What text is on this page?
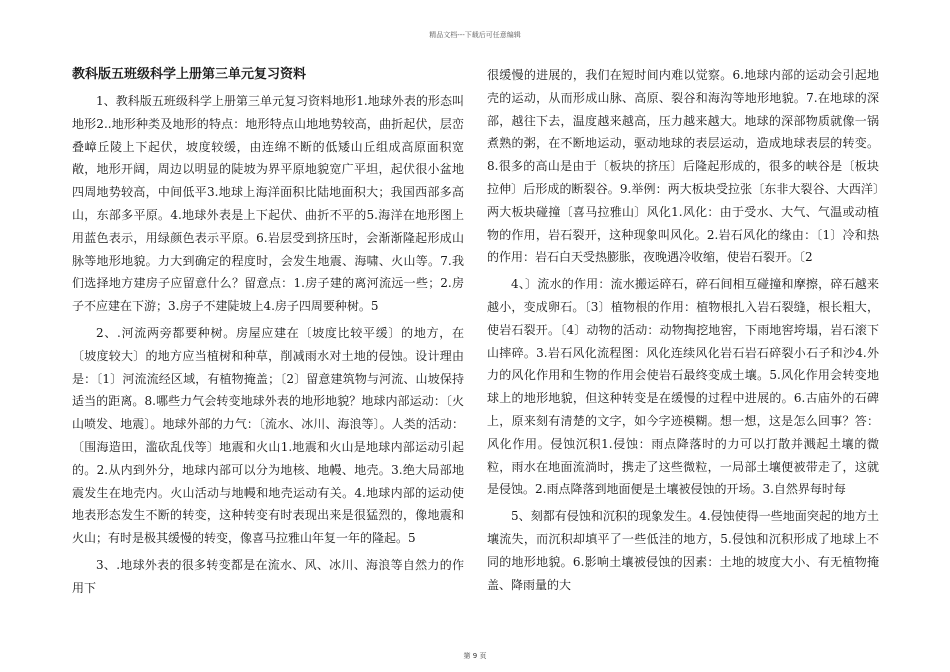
精品文档---下载后可任意编辑
教科版五班级科学上册第三单元复习资料

1、教科版五班级科学上册第三单元复习资料地形1.地球外表的形态叫地形2..地形种类及地形的特点：地形特点山地地势较高，曲折起伏，层峦叠嶂丘陵上下起伏，坡度较缓，由连绵不断的低矮山丘组成高原面积宽敞，地形开阔，周边以明显的陡坡为界平原地貌宽广平坦，起伏很小盆地四周地势较高，中间低平3.地球上海洋面积比陆地面积大；我国西部多高山，东部多平原。4.地球外表是上下起伏、曲折不平的5.海洋在地形图上用蓝色表示，用绿颜色表示平原。6.岩层受到挤压时，会渐渐隆起形成山脉等地形地貌。力大到确定的程度时，会发生地震、海啸、火山等。7.我们选择地方建房子应留意什么？留意点：1.房子建的离河流远一些；2.房子不应建在下游；3.房子不建陡坡上4.房子四周要种树。5

2、.河流两旁都要种树。房屋应建在〔坡度比较平缓〕的地方，在〔坡度较大〕的地方应当植树和种草，削减雨水对土地的侵蚀。设计理由是：〔1〕河流流经区域，有植物掩盖；〔2〕留意建筑物与河流、山坡保持适当的距离。8.哪些力气会转变地球外表的地形地貌？地球内部运动：〔火山喷发、地震〕。地球外部的力气：〔流水、冰川、海浪等〕。人类的活动：〔围海造田，滥砍乱伐等〕地震和火山1.地震和火山是地球内部运动引起的。2.从内到外分，地球内部可以分为地核、地幔、地壳。3.绝大局部地震发生在地壳内。火山活动与地幔和地壳运动有关。4.地球内部的运动使地表形态发生不断的转变，这种转变有时表现出来是很猛烈的，像地震和火山；有时是极其缓慢的转变，像喜马拉雅山年复一年的隆起。5

3、.地球外表的很多转变都是在流水、风、冰川、海浪等自然力的作用下

很缓慢的进展的，我们在短时间内难以觉察。6.地球内部的运动会引起地壳的运动，从而形成山脉、高原、裂谷和海沟等地形地貌。7.在地球的深部，越往下去，温度越来越高，压力越来越大。地球的深部物质就像一锅煮熟的粥，在不断地运动，驱动地球的表层运动，造成地球表层的转变。8.很多的高山是由于〔板块的挤压〕后隆起形成的，很多的峡谷是〔板块拉伸〕后形成的断裂谷。9.举例：两大板块受拉张〔东非大裂谷、大西洋〕两大板块碰撞〔喜马拉雅山〕风化1.风化：由于受水、大气、气温或动植物的作用，岩石裂开，这种现象叫风化。2.岩石风化的缘由：〔1〕冷和热的作用：岩石白天受热膨胀，夜晚遇冷收缩，使岩石裂开。〔2

4、〕流水的作用：流水搬运碎石，碎石间相互碰撞和摩擦，碎石越来越小，变成卵石。〔3〕植物根的作用：植物根扎入岩石裂缝，根长粗大，使岩石裂开。〔4〕动物的活动：动物掏挖地窖，下雨地窖垮塌，岩石滚下山摔碎。3.岩石风化流程图：风化连续风化岩石岩石碎裂小石子和沙4.外力的风化作用和生物的作用会使岩石最终变成土壤。5.风化作用会转变地球上的地形地貌，但这种转变是在缓慢的过程中进展的。6.古庙外的石碑上，原来刻有清楚的文字，如今字迹模糊。想一想，这是怎么回事？答：风化作用。侵蚀沉积1.侵蚀：雨点降落时的力可以打散并溅起土壤的微粒，雨水在地面流淌时，携走了这些微粒，一局部土壤便被带走了，这就是侵蚀。2.雨点降落到地面便是土壤被侵蚀的开场。3.自然界每时每

5、刻都有侵蚀和沉积的现象发生。4.侵蚀使得一些地面突起的地方土壤流失，而沉积却填平了一些低洼的地方，5.侵蚀和沉积形成了地球上不同的地形地貌。6.影响土壤被侵蚀的因素：土地的坡度大小、有无植物掩盖、降雨量的大

第 9 页
